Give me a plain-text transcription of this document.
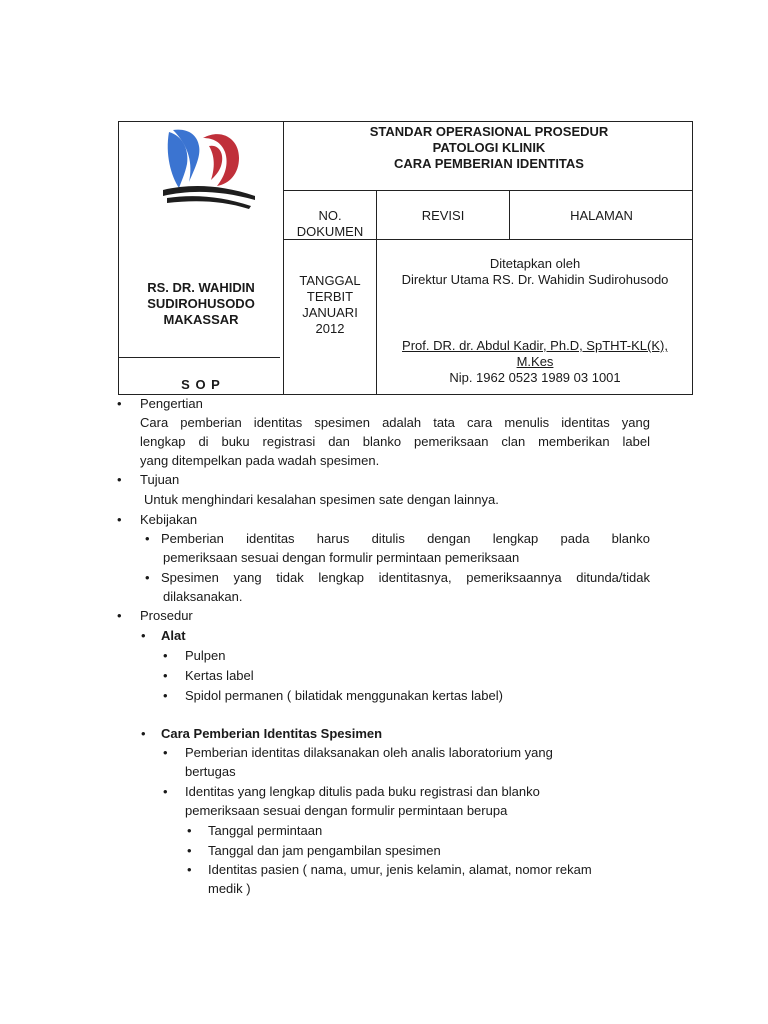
STANDAR OPERASIONAL PROSEDUR
PATOLOGI KLINIK
CARA PEMBERIAN IDENTITAS
NO.
DOKUMEN
REVISI	HALAMAN
RS. DR. WAHIDIN
SUDIROHUSODO
MAKASSAR
TANGGAL
TERBIT
JANUARI
2012
Ditetapkan oleh
Direktur Utama RS. Dr. Wahidin Sudirohusodo
Prof. DR. dr. Abdul Kadir, Ph.D, SpTHT-KL(K),
M.Kes
Nip. 1962 0523 1989 03 1001
S O P
• Pengertian
Cara pemberian identitas spesimen adalah tata cara menulis identitas yang
lengkap di buku registrasi dan blanko pemeriksaan clan memberikan label
yang ditempelkan pada wadah spesimen.
• Tujuan
Untuk menghindari kesalahan spesimen sate dengan lainnya.
• Kebijakan
• Pemberian identitas harus ditulis dengan lengkap pada blanko
pemeriksaan sesuai dengan formulir permintaan pemeriksaan
• Spesimen yang tidak lengkap identitasnya, pemeriksaannya ditunda/tidak
dilaksanakan.
• Prosedur
• Alat
• Pulpen
• Kertas label
• Spidol permanen ( bilatidak menggunakan kertas label)
• Cara Pemberian Identitas Spesimen
• Pemberian identitas dilaksanakan oleh analis laboratorium yang
bertugas
• Identitas yang lengkap ditulis pada buku registrasi dan blanko
pemeriksaan sesuai dengan formulir permintaan berupa
• Tanggal permintaan
• Tanggal dan jam pengambilan spesimen
• Identitas pasien ( nama, umur, jenis kelamin, alamat, nomor rekam
medik )
